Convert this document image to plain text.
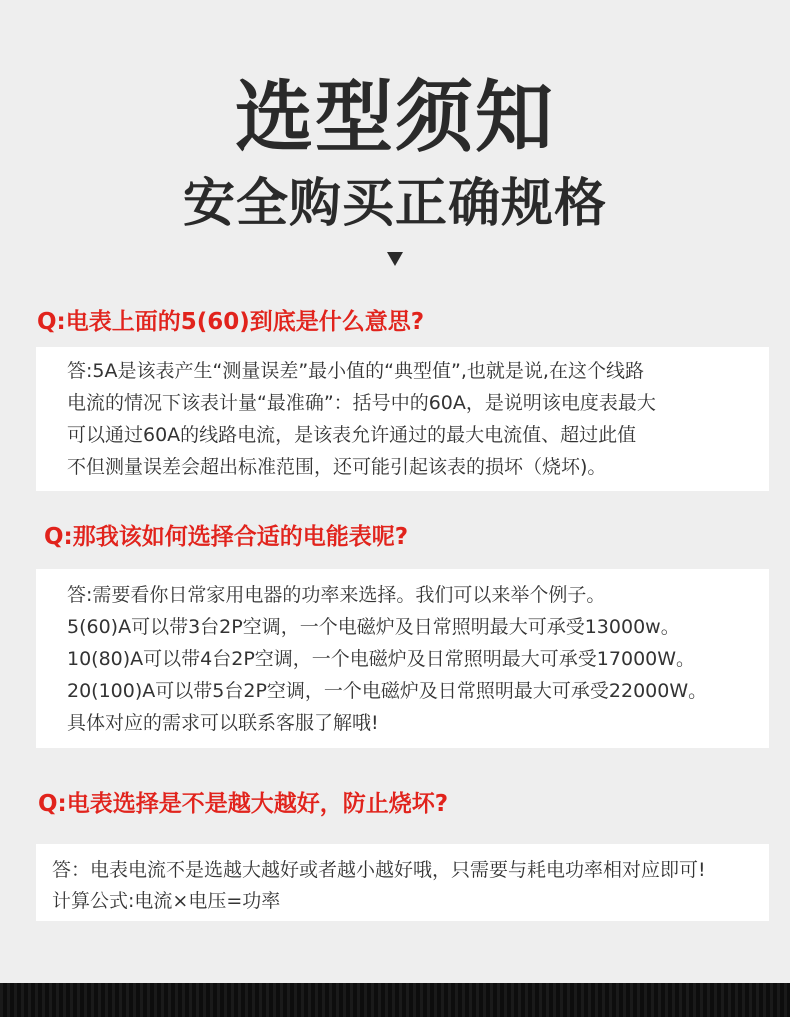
选型须知
安全购买正确规格
Q:电表上面的5(60)到底是什么意思?
答:5A是该表产生“测量误差”最小值的“典型值”,也就是说,在这个线路
电流的情况下该表计量“最准确”：括号中的60A，是说明该电度表最大
可以通过60A的线路电流，是该表允许通过的最大电流值、超过此值
不但测量误差会超出标准范围，还可能引起该表的损坏（烧坏)。
Q:那我该如何选择合适的电能表呢?
答:需要看你日常家用电器的功率来选择。我们可以来举个例子。
5(60)A可以带3台2P空调，一个电磁炉及日常照明最大可承受13000w。
10(80)A可以带4台2P空调，一个电磁炉及日常照明最大可承受17000W。
20(100)A可以带5台2P空调，一个电磁炉及日常照明最大可承受22000W。
具体对应的需求可以联系客服了解哦!
Q:电表选择是不是越大越好，防止烧坏?
答：电表电流不是选越大越好或者越小越好哦，只需要与耗电功率相对应即可!
计算公式:电流×电压=功率
